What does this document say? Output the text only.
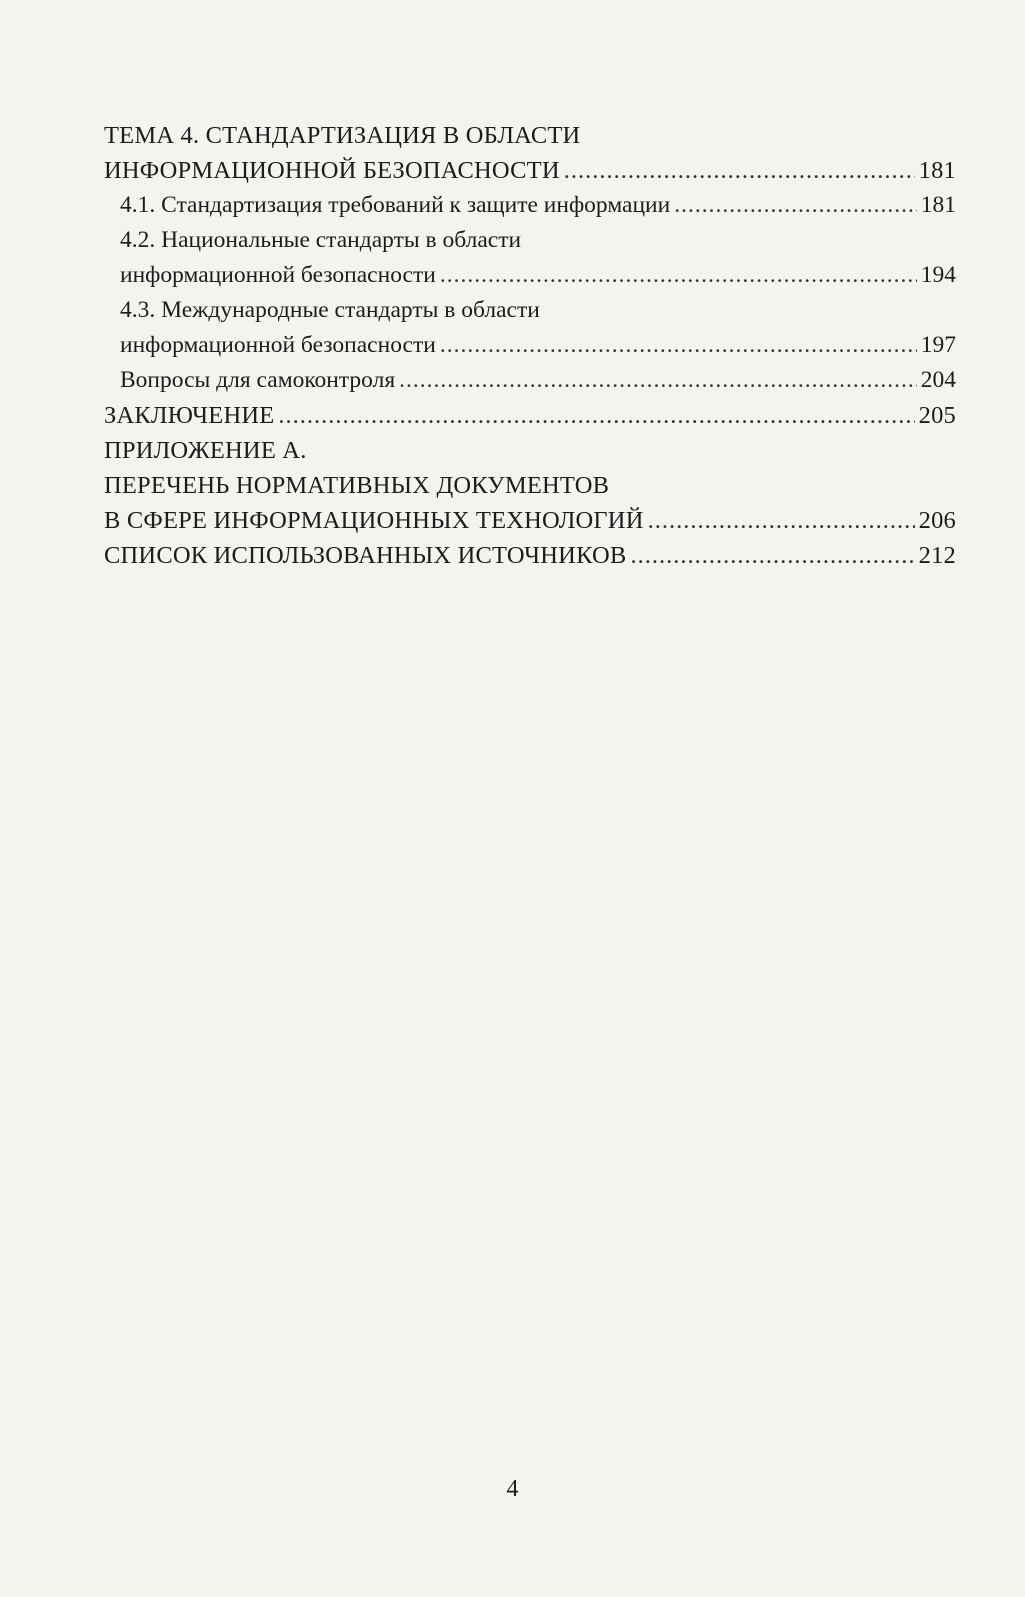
ТЕМА 4. СТАНДАРТИЗАЦИЯ В ОБЛАСТИ
ИНФОРМАЦИОННОЙ БЕЗОПАСНОСТИ .....	181
4.1. Стандартизация требований к защите информации .....	181
4.2. Национальные стандарты в области
информационной безопасности .....	194
4.3. Международные стандарты в области
информационной безопасности .....	197
Вопросы для самоконтроля .....	204
ЗАКЛЮЧЕНИЕ .....	205
ПРИЛОЖЕНИЕ А.
ПЕРЕЧЕНЬ НОРМАТИВНЫХ ДОКУМЕНТОВ
В СФЕРЕ ИНФОРМАЦИОННЫХ ТЕХНОЛОГИЙ .....	206
СПИСОК ИСПОЛЬЗОВАННЫХ ИСТОЧНИКОВ .....	212
4
